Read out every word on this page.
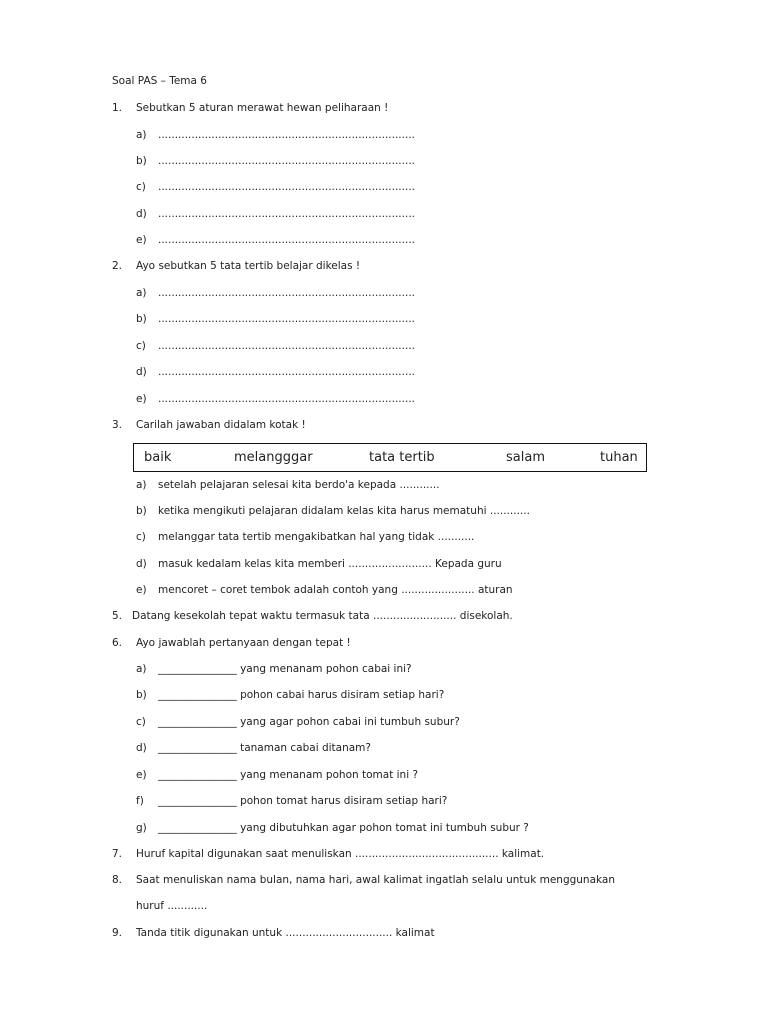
Soal PAS – Tema 6
1. Sebutkan 5 aturan merawat hewan peliharaan !
a) .............................................................................
b) .............................................................................
c) .............................................................................
d) .............................................................................
e) .............................................................................
2. Ayo sebutkan 5 tata tertib belajar dikelas !
a) .............................................................................
b) .............................................................................
c) .............................................................................
d) .............................................................................
e) .............................................................................
3. Carilah jawaban didalam kotak !
baik	melangggar	tata tertib	salam	tuhan
a) setelah pelajaran selesai kita berdo'a kepada ............
b) ketika mengikuti pelajaran didalam kelas kita harus mematuhi ............
c) melanggar tata tertib mengakibatkan hal yang tidak ...........
d) masuk kedalam kelas kita memberi ......................... Kepada guru
e) mencoret – coret tembok adalah contoh yang ...................... aturan
5. Datang kesekolah tepat waktu termasuk tata ......................... disekolah.
6. Ayo jawablah pertanyaan dengan tepat !
a) _______________ yang menanam pohon cabai ini?
b) _______________ pohon cabai harus disiram setiap hari?
c) _______________ yang agar pohon cabai ini tumbuh subur?
d) _______________ tanaman cabai ditanam?
e) _______________ yang menanam pohon tomat ini ?
f) _______________ pohon tomat harus disiram setiap hari?
g) _______________ yang dibutuhkan agar pohon tomat ini tumbuh subur ?
7. Huruf kapital digunakan saat menuliskan ........................................... kalimat.
8. Saat menuliskan nama bulan, nama hari, awal kalimat ingatlah selalu untuk menggunakan
huruf ............
9. Tanda titik digunakan untuk ................................ kalimat
